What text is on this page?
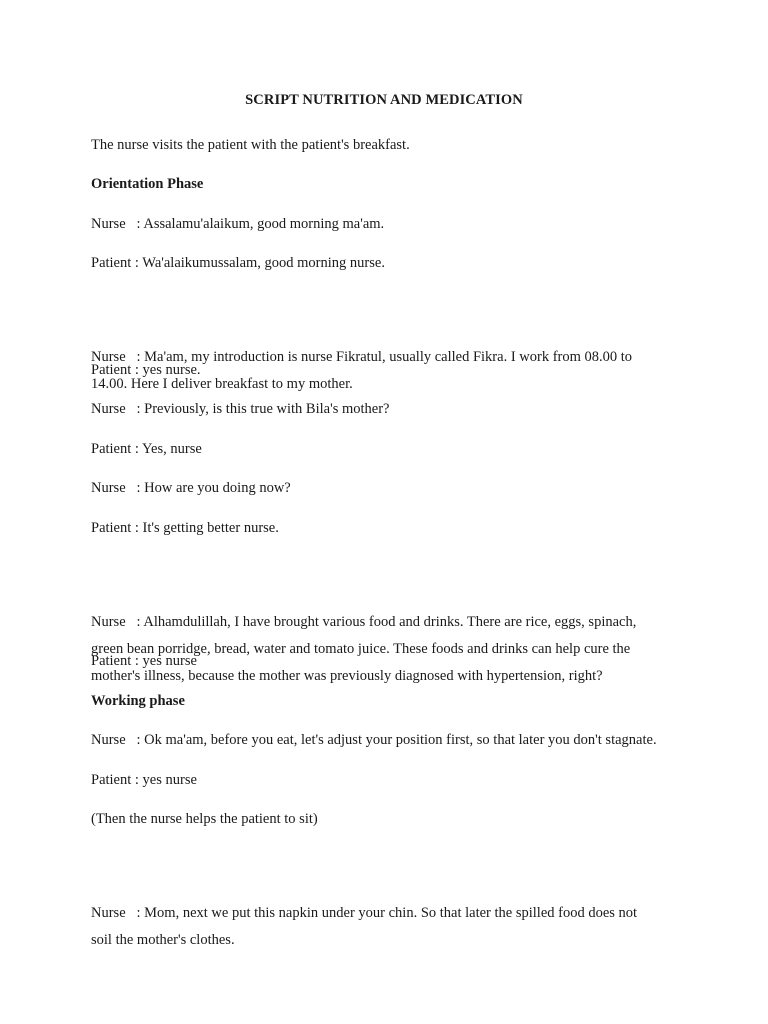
SCRIPT NUTRITION AND MEDICATION

The nurse visits the patient with the patient's breakfast.

Orientation Phase

Nurse   : Assalamu'alaikum, good morning ma'am.

Patient : Wa'alaikumussalam, good morning nurse.

Nurse   : Ma'am, my introduction is nurse Fikratul, usually called Fikra. I work from 08.00 to
14.00. Here I deliver breakfast to my mother.

Patient : yes nurse.

Nurse   : Previously, is this true with Bila's mother?

Patient : Yes, nurse

Nurse   : How are you doing now?

Patient : It's getting better nurse.

Nurse   : Alhamdulillah, I have brought various food and drinks. There are rice, eggs, spinach,
green bean porridge, bread, water and tomato juice. These foods and drinks can help cure the
mother's illness, because the mother was previously diagnosed with hypertension, right?

Patient : yes nurse

Working phase

Nurse   : Ok ma'am, before you eat, let's adjust your position first, so that later you don't stagnate.

Patient : yes nurse

(Then the nurse helps the patient to sit)

Nurse   : Mom, next we put this napkin under your chin. So that later the spilled food does not
soil the mother's clothes.
